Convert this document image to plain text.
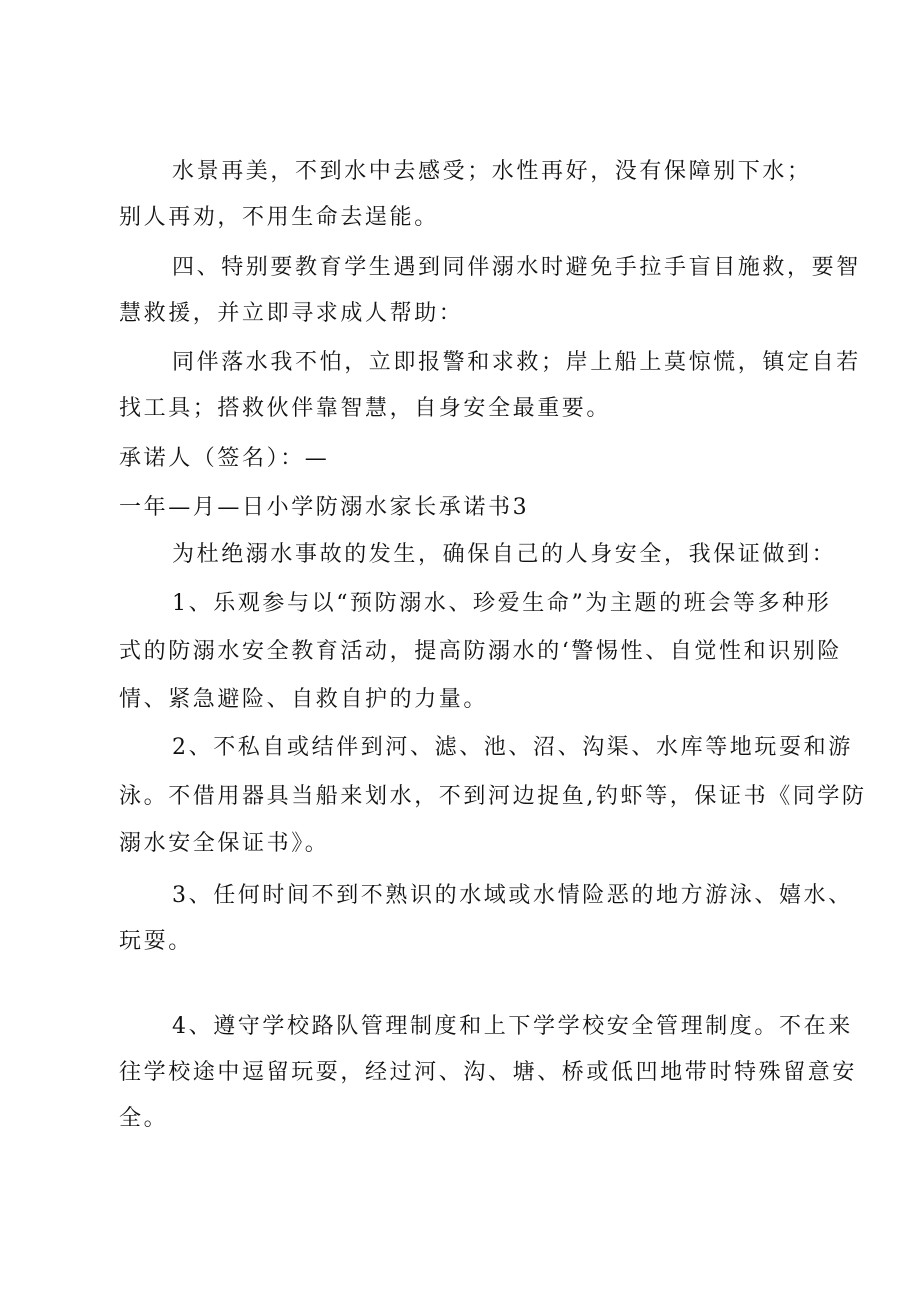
水景再美，不到水中去感受；水性再好，没有保障别下水；
别人再劝，不用生命去逞能。
四、特别要教育学生遇到同伴溺水时避免手拉手盲目施救，要智
慧救援，并立即寻求成人帮助：
同伴落水我不怕，立即报警和求救；岸上船上莫惊慌，镇定自若
找工具；搭救伙伴靠智慧，自身安全最重要。
承诺人（签名）：—
一年—月—日小学防溺水家长承诺书3
为杜绝溺水事故的发生，确保自己的人身安全，我保证做到：
1、乐观参与以“预防溺水、珍爱生命”为主题的班会等多种形
式的防溺水安全教育活动，提高防溺水的‘警惕性、自觉性和识别险
情、紧急避险、自救自护的力量。
2、不私自或结伴到河、滤、池、沼、沟渠、水库等地玩耍和游
泳。不借用器具当船来划水，不到河边捉鱼,钓虾等，保证书《同学防
溺水安全保证书》。
3、任何时间不到不熟识的水域或水情险恶的地方游泳、嬉水、
玩耍。
4、遵守学校路队管理制度和上下学学校安全管理制度。不在来
往学校途中逗留玩耍，经过河、沟、塘、桥或低凹地带时特殊留意安
全。
